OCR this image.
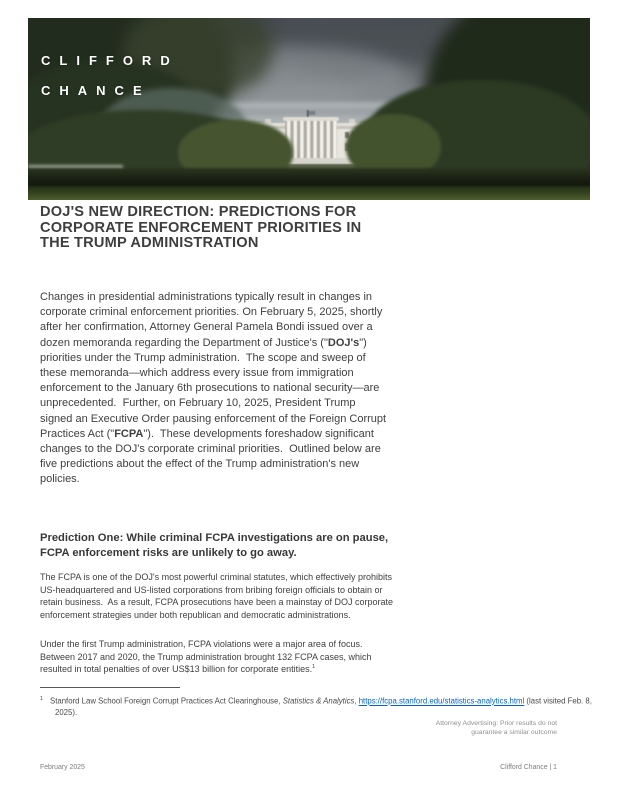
CLIFFORD
CHANCE
DOJ'S NEW DIRECTION: PREDICTIONS FOR CORPORATE ENFORCEMENT PRIORITIES IN THE TRUMP ADMINISTRATION

Changes in presidential administrations typically result in changes in corporate criminal enforcement priorities. On February 5, 2025, shortly after her confirmation, Attorney General Pamela Bondi issued over a dozen memoranda regarding the Department of Justice's ("DOJ's") priorities under the Trump administration.  The scope and sweep of these memoranda—which address every issue from immigration enforcement to the January 6th prosecutions to national security—are unprecedented.  Further, on February 10, 2025, President Trump signed an Executive Order pausing enforcement of the Foreign Corrupt Practices Act ("FCPA").  These developments foreshadow significant changes to the DOJ's corporate criminal priorities.  Outlined below are five predictions about the effect of the Trump administration's new policies.

Prediction One: While criminal FCPA investigations are on pause, FCPA enforcement risks are unlikely to go away.

The FCPA is one of the DOJ's most powerful criminal statutes, which effectively prohibits US-headquartered and US-listed corporations from bribing foreign officials to obtain or retain business.  As a result, FCPA prosecutions have been a mainstay of DOJ corporate enforcement strategies under both republican and democratic administrations.

Under the first Trump administration, FCPA violations were a major area of focus.  Between 2017 and 2020, the Trump administration brought 132 FCPA cases, which resulted in total penalties of over US$13 billion for corporate entities.$^1$

$^1$ Stanford Law School Foreign Corrupt Practices Act Clearinghouse, Statistics & Analytics, https://fcpa.stanford.edu/statistics-analytics.html (last visited Feb. 8, 2025).
Attorney Advertising: Prior results do not guarantee a similar outcome
February 2025	Clifford Chance | 1
